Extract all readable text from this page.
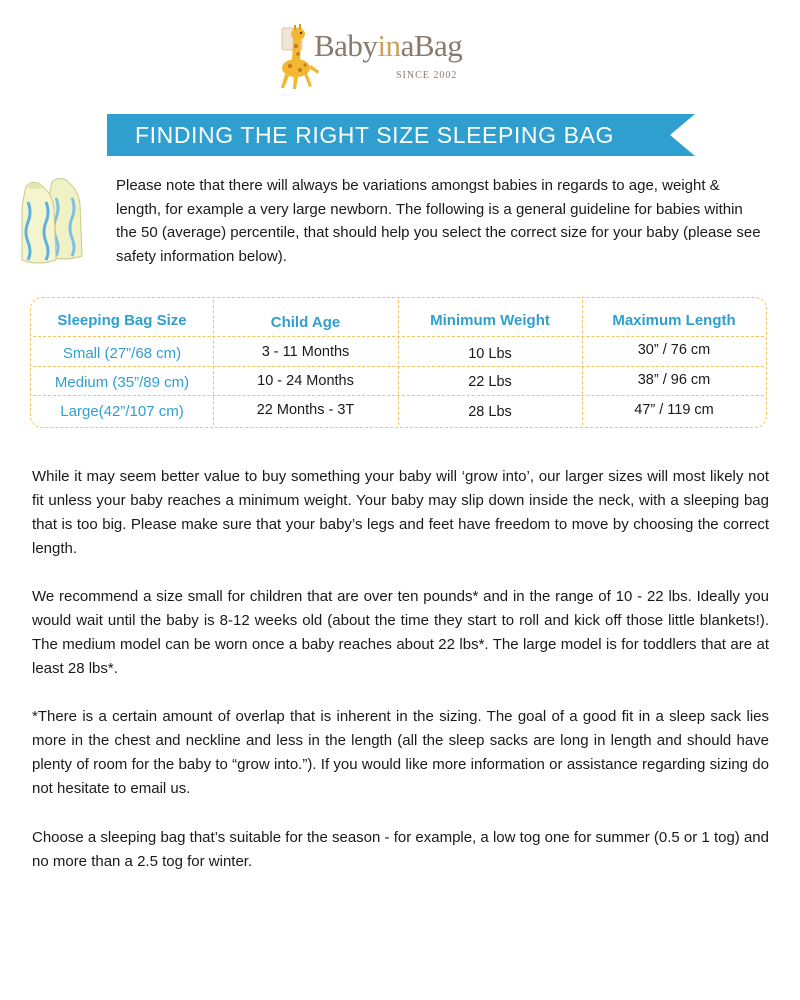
BabyinaBag
SINCE 2002
FINDING THE RIGHT SIZE SLEEPING BAG

Please note that there will always be variations amongst babies in regards to age, weight & length, for example a very large newborn. The following is a general guideline for babies within the 50 (average) percentile, that should help you select the correct size for your baby (please see safety information below).

Sleeping Bag Size	Child Age	Minimum Weight	Maximum Length
Small (27”/68 cm)	3 - 11 Months	10 Lbs	30” / 76 cm
Medium (35”/89 cm)	10 - 24 Months	22 Lbs	38” / 96 cm
Large(42”/107 cm)	22 Months - 3T	28 Lbs	47” / 119 cm

While it may seem better value to buy something your baby will ‘grow into’, our larger sizes will most likely not fit unless your baby reaches a minimum weight. Your baby may slip down inside the neck, with a sleeping bag that is too big. Please make sure that your baby’s legs and feet have freedom to move by choosing the correct length.

We recommend a size small for children that are over ten pounds* and in the range of 10 - 22 lbs. Ideally you would wait until the baby is 8-12 weeks old (about the time they start to roll and kick off those little blankets!). The medium model can be worn once a baby reaches about 22 lbs*. The large model is for toddlers that are at least 28 lbs*.

*There is a certain amount of overlap that is inherent in the sizing. The goal of a good fit in a sleep sack lies more in the chest and neckline and less in the length (all the sleep sacks are long in length and should have plenty of room for the baby to “grow into.”). If you would like more information or assistance regarding sizing do not hesitate to email us.

Choose a sleeping bag that’s suitable for the season - for example, a low tog one for summer (0.5 or 1 tog) and no more than a 2.5 tog for winter.
